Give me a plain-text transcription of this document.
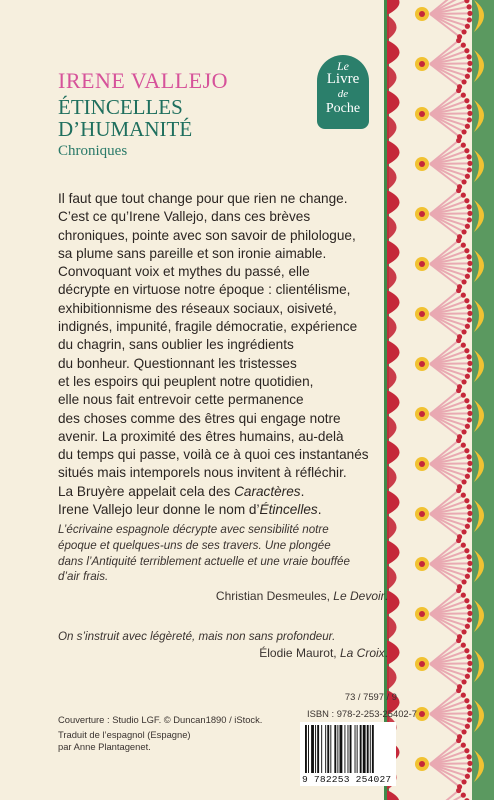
IRENE VALLEJO
ÉTINCELLES
D’HUMANITÉ
Chroniques
Le
Livre
de
Poche
Il faut que tout change pour que rien ne change.
C’est ce qu’Irene Vallejo, dans ces brèves
chroniques, pointe avec son savoir de philologue,
sa plume sans pareille et son ironie aimable.
Convoquant voix et mythes du passé, elle
décrypte en virtuose notre époque : clientélisme,
exhibitionnisme des réseaux sociaux, oisiveté,
indignés, impunité, fragile démocratie, expérience
du chagrin, sans oublier les ingrédients
du bonheur. Questionnant les tristesses
et les espoirs qui peuplent notre quotidien,
elle nous fait entrevoir cette permanence
des choses comme des êtres qui engage notre
avenir. La proximité des êtres humains, au-delà
du temps qui passe, voilà ce à quoi ces instantanés
situés mais intemporels nous invitent à réfléchir.
La Bruyère appelait cela des Caractères.
Irene Vallejo leur donne le nom d’Étincelles.
L’écrivaine espagnole décrypte avec sensibilité notre
époque et quelques-uns de ses travers. Une plongée
dans l’Antiquité terriblement actuelle et une vraie bouffée
d’air frais.
Christian Desmeules, Le Devoir.
On s’instruit avec légèreté, mais non sans profondeur.
Élodie Maurot, La Croix.
Couverture : Studio LGF. © Duncan1890 / iStock.
Traduit de l’espagnol (Espagne)
par Anne Plantagenet.
73 / 7597 / 9
ISBN : 978-2-253-25402-7
9 782253 254027
